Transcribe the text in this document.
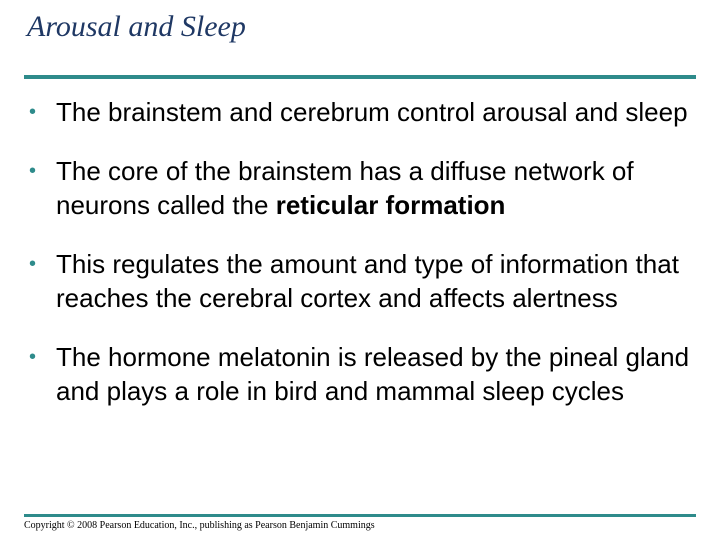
Arousal and Sleep
• The brainstem and cerebrum control arousal and sleep
• The core of the brainstem has a diffuse network of neurons called the reticular formation
• This regulates the amount and type of information that reaches the cerebral cortex and affects alertness
• The hormone melatonin is released by the pineal gland and plays a role in bird and mammal sleep cycles
Copyright © 2008 Pearson Education, Inc., publishing as Pearson Benjamin Cummings
